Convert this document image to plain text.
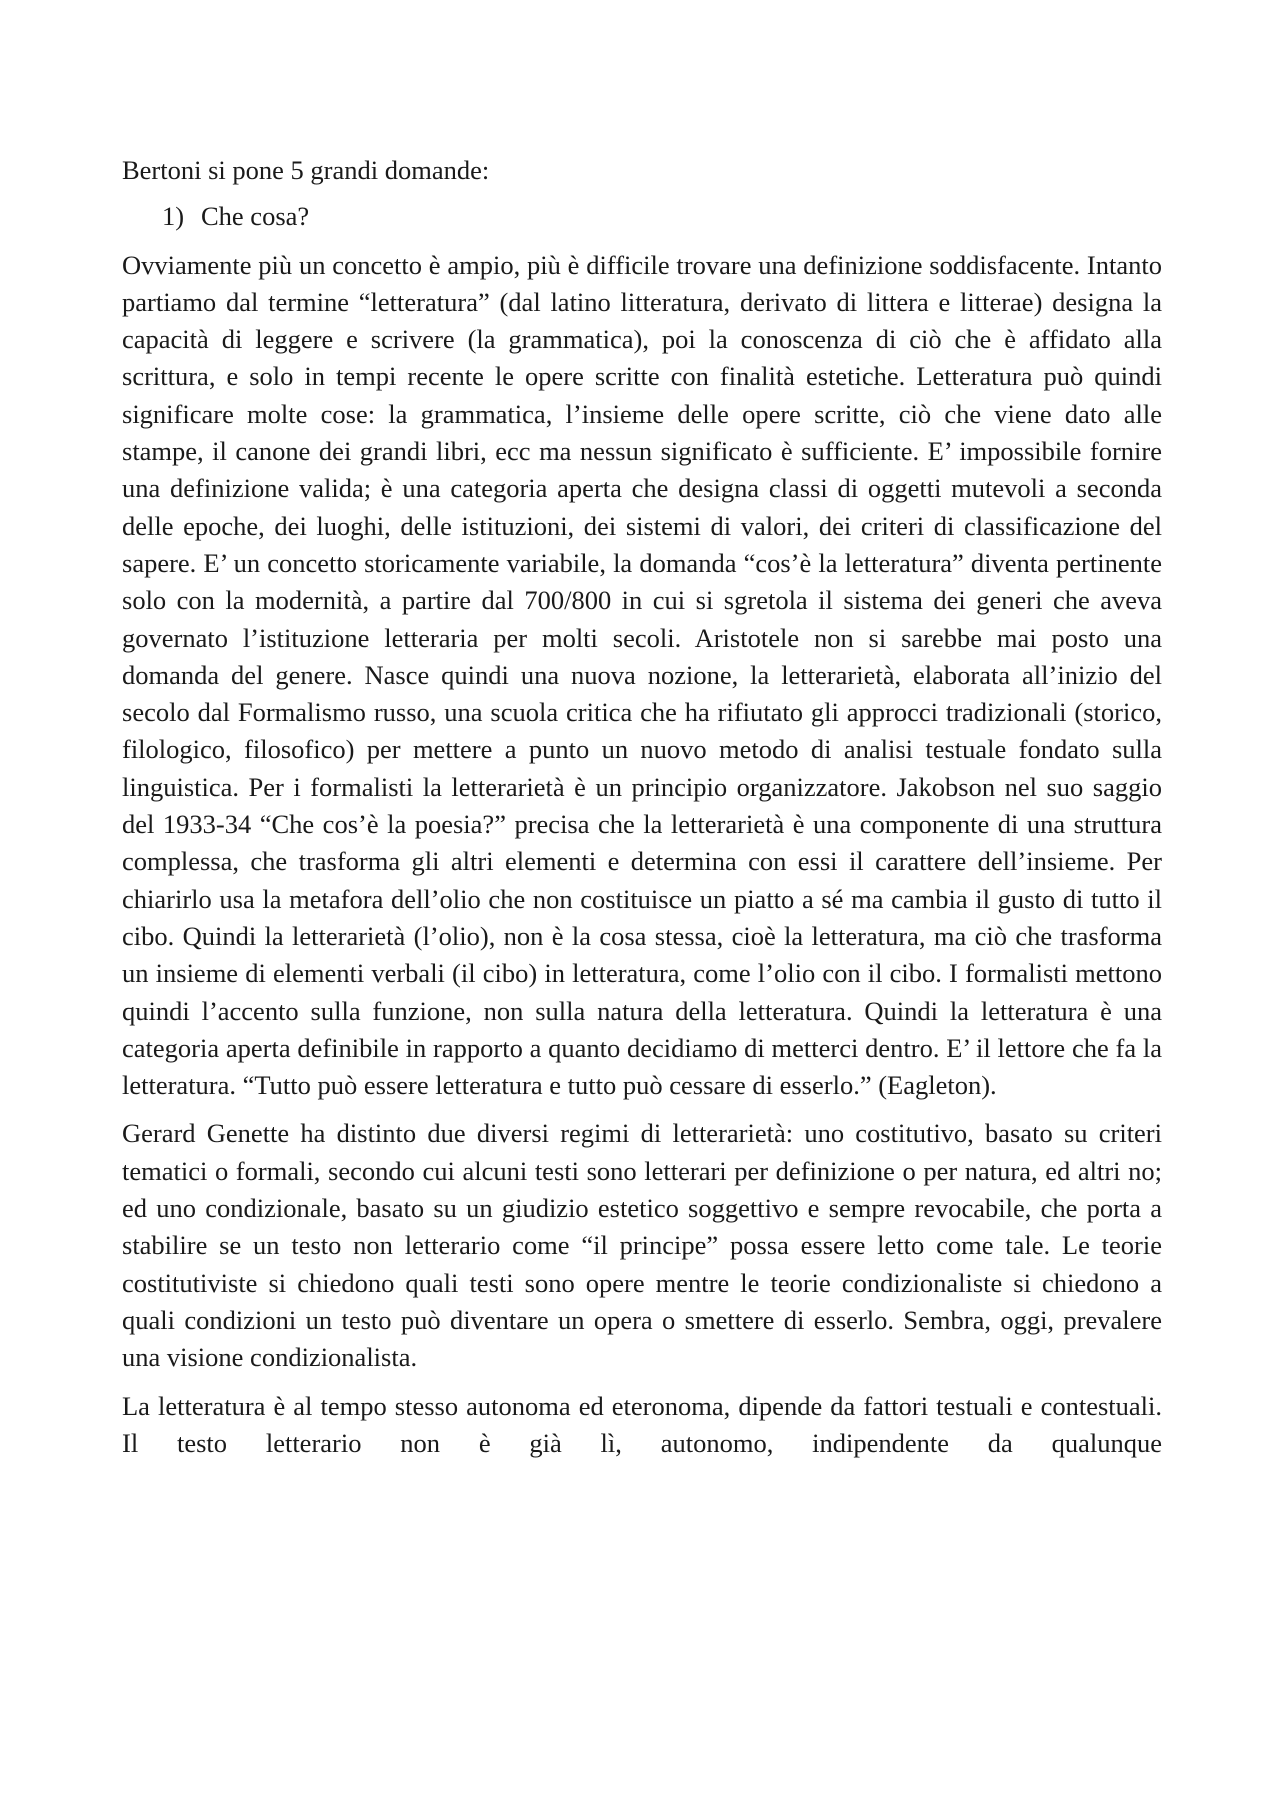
Bertoni si pone 5 grandi domande:

1) Che cosa?

Ovviamente più un concetto è ampio, più è difficile trovare una definizione soddisfacente. Intanto partiamo dal termine “letteratura” (dal latino litteratura, derivato di littera e litterae) designa la capacità di leggere e scrivere (la grammatica), poi la conoscenza di ciò che è affidato alla scrittura, e solo in tempi recente le opere scritte con finalità estetiche. Letteratura può quindi significare molte cose: la grammatica, l’insieme delle opere scritte, ciò che viene dato alle stampe, il canone dei grandi libri, ecc ma nessun significato è sufficiente. E’ impossibile fornire una definizione valida; è una categoria aperta che designa classi di oggetti mutevoli a seconda delle epoche, dei luoghi, delle istituzioni, dei sistemi di valori, dei criteri di classificazione del sapere. E’ un concetto storicamente variabile, la domanda “cos’è la letteratura” diventa pertinente solo con la modernità, a partire dal 700/800 in cui si sgretola il sistema dei generi che aveva governato l’istituzione letteraria per molti secoli. Aristotele non si sarebbe mai posto una domanda del genere. Nasce quindi una nuova nozione, la letterarietà, elaborata all’inizio del secolo dal Formalismo russo, una scuola critica che ha rifiutato gli approcci tradizionali (storico, filologico, filosofico) per mettere a punto un nuovo metodo di analisi testuale fondato sulla linguistica. Per i formalisti la letterarietà è un principio organizzatore. Jakobson nel suo saggio del 1933-34 “Che cos’è la poesia?” precisa che la letterarietà è una componente di una struttura complessa, che trasforma gli altri elementi e determina con essi il carattere dell’insieme. Per chiarirlo usa la metafora dell’olio che non costituisce un piatto a sé ma cambia il gusto di tutto il cibo. Quindi la letterarietà (l’olio), non è la cosa stessa, cioè la letteratura, ma ciò che trasforma un insieme di elementi verbali (il cibo) in letteratura, come l’olio con il cibo. I formalisti mettono quindi l’accento sulla funzione, non sulla natura della letteratura. Quindi la letteratura è una categoria aperta definibile in rapporto a quanto decidiamo di metterci dentro. E’ il lettore che fa la letteratura. “Tutto può essere letteratura e tutto può cessare di esserlo.” (Eagleton).

Gerard Genette ha distinto due diversi regimi di letterarietà: uno costitutivo, basato su criteri tematici o formali, secondo cui alcuni testi sono letterari per definizione o per natura, ed altri no; ed uno condizionale, basato su un giudizio estetico soggettivo e sempre revocabile, che porta a stabilire se un testo non letterario come “il principe” possa essere letto come tale. Le teorie costitutiviste si chiedono quali testi sono opere mentre le teorie condizionaliste si chiedono a quali condizioni un testo può diventare un opera o smettere di esserlo. Sembra, oggi, prevalere una visione condizionalista.

La letteratura è al tempo stesso autonoma ed eteronoma, dipende da fattori testuali e contestuali. Il testo letterario non è già lì, autonomo, indipendente da qualunque
